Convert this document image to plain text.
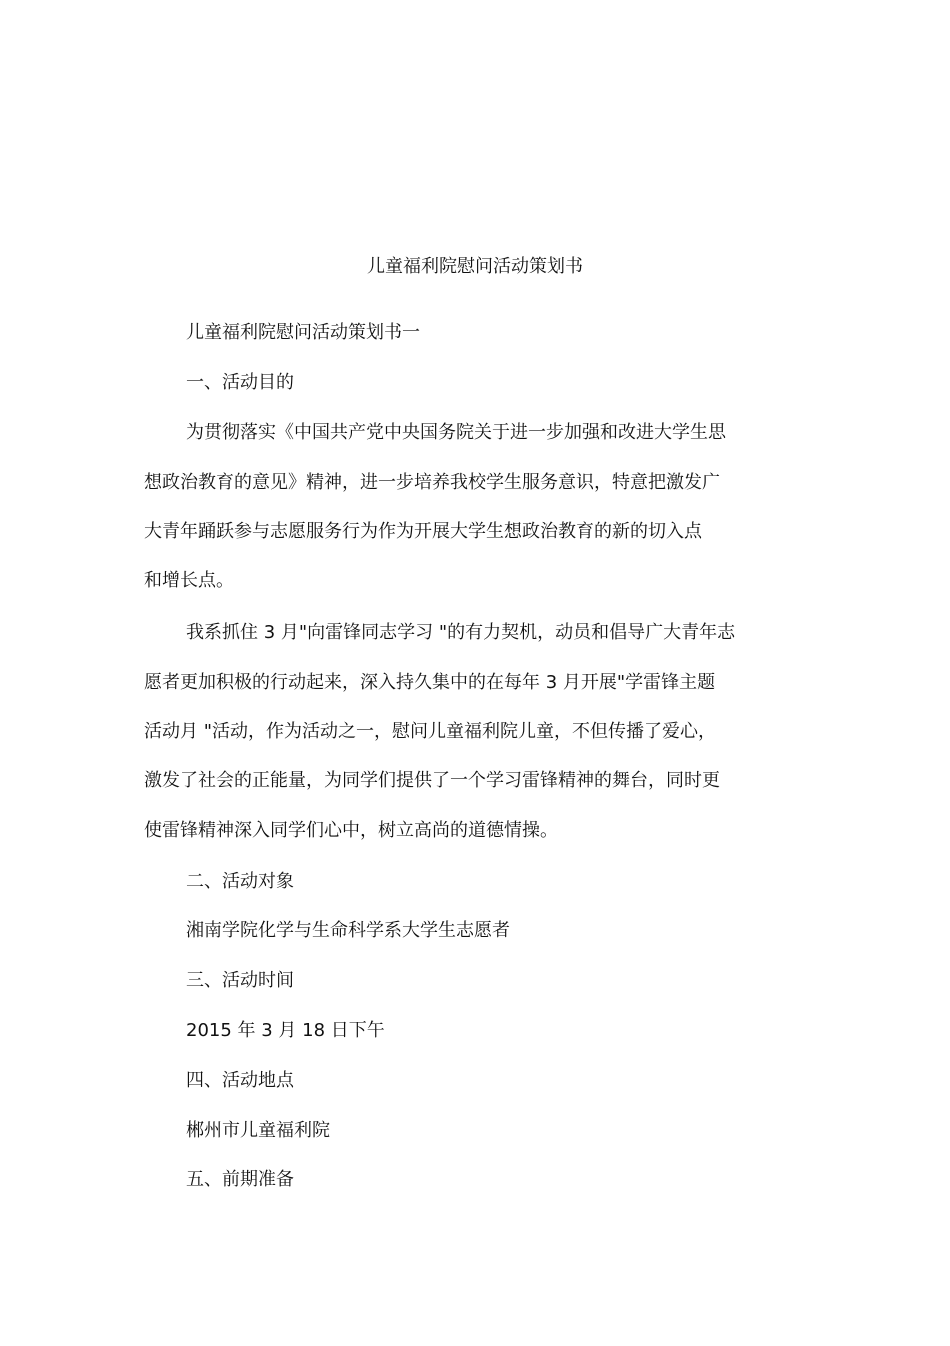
儿童福利院慰问活动策划书
儿童福利院慰问活动策划书一
一、活动目的
为贯彻落实《中国共产党中央国务院关于进一步加强和改进大学生思
想政治教育的意见》精神，进一步培养我校学生服务意识，特意把激发广
大青年踊跃参与志愿服务行为作为开展大学生想政治教育的新的切入点
和增长点。
我系抓住 3 月"向雷锋同志学习 "的有力契机，动员和倡导广大青年志
愿者更加积极的行动起来，深入持久集中的在每年 3 月开展"学雷锋主题
活动月 "活动，作为活动之一，慰问儿童福利院儿童，不但传播了爱心，
激发了社会的正能量，为同学们提供了一个学习雷锋精神的舞台，同时更
使雷锋精神深入同学们心中，树立高尚的道德情操。
二、活动对象
湘南学院化学与生命科学系大学生志愿者
三、活动时间
2015 年 3 月 18 日下午
四、活动地点
郴州市儿童福利院
五、前期准备
